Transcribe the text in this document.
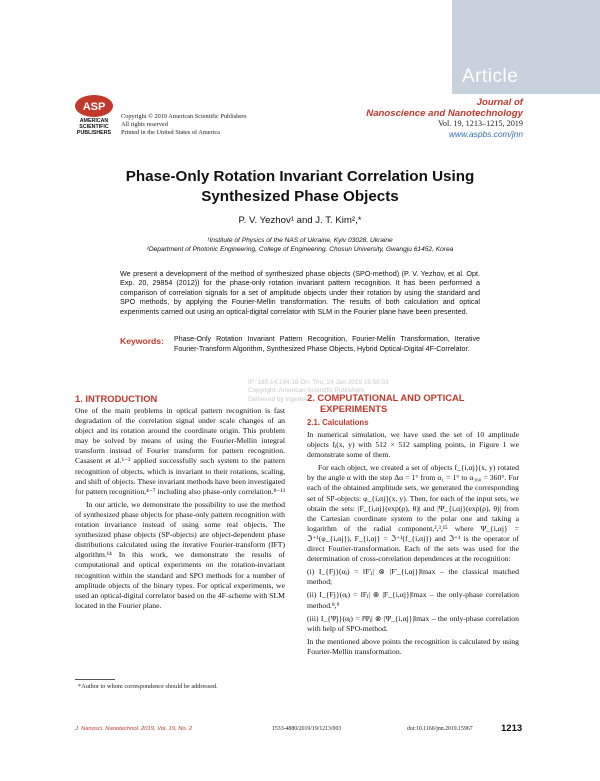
Article
ASP
AMERICAN
SCIENTIFIC
PUBLISHERS
Copyright © 2019 American Scientific Publishers
All rights reserved
Printed in the United States of America
Journal of
Nanoscience and Nanotechnology
Vol. 19, 1213–1215, 2019
www.aspbs.com/jnn
Phase-Only Rotation Invariant Correlation Using
Synthesized Phase Objects
P. V. Yezhov¹ and J. T. Kim²,*
¹Institute of Physics of the NAS of Ukraine, Kyiv 03028, Ukraine
²Department of Photonic Engineering, College of Engineering, Chosun University, Gwangju 61452, Korea
We present a development of the method of synthesized phase objects (SPO-method) (P. V. Yezhov, et al. Opt. Exp. 20, 29854 (2012)) for the phase-only rotation invariant pattern recognition. It has been performed a comparison of correlation signals for a set of amplitude objects under their rotation by using the standard and SPO methods, by applying the Fourier-Mellin transformation. The results of both calculation and optical experiments carried out using an optical-digital correlator with SLM in the Fourier plane have been presented.
Keywords: Phase-Only Rotation Invariant Pattern Recognition, Fourier-Mellin Transformation, Iterative Fourier-Transform Algorithm, Synthesized Phase Objects, Hybrid Optical-Digital 4F-Correlator.
IP: 185.14.194.18 On: Thu, 24 Jan 2019 16:58:03
Copyright: American Scientific Publishers
Delivered by Ingenta
1. INTRODUCTION

One of the main problems in optical pattern recognition is fast degradation of the correlation signal under scale changes of an object and its rotation around the coordinate origin. This problem may be solved by means of using the Fourier-Mellin integral transform instead of Fourier transform for pattern recognition. Casasent et al.¹⁻³ applied successfully such system to the pattern recognition of objects, which is invariant to their rotations, scaling, and shift of objects. These invariant methods have been investigated for pattern recognition,⁴⁻⁷ including also phase-only correlation.⁸⁻¹³

In our article, we demonstrate the possibility to use the method of synthesized phase objects for phase-only pattern recognition with rotation invariance instead of using some real objects. The synthesized phase objects (SP-objects) are object-dependent phase distributions calculated using the iterative Fourier-transform (IFT) algorithm.¹⁴ In this work, we demonstrate the results of computational and optical experiments on the rotation-invariant recognition within the standard and SPO methods for a number of amplitude objects of the binary types. For optical experiments, we used an optical-digital correlator based on the 4F-scheme with SLM located in the Fourier plane.

*Author to whom correspondence should be addressed.
2. COMPUTATIONAL AND OPTICAL
EXPERIMENTS
2.1. Calculations

In numerical simulation, we have used the set of 10 amplitude objects fⱼ(x, y) with 512 × 512 sampling points, in Figure 1 we demonstrate some of them.

For each object, we created a set of objects f_{i,αj}(x, y) rotated by the angle α with the step Δα = 1° from α₁ = 1° to α₃₆₀ = 360°. For each of the obtained amplitude sets, we generated the corresponding set of SP-objects: φ_{i,αj}(x, y). Then, for each of the input sets, we obtain the sets: |F_{i,αj}(exp(ρ), θ)| and |Ψ_{i,αj}(exp(ρ), θ)| from the Cartesian coordinate system to the polar one and taking a logarithm of the radial component,²,³,¹⁵ where Ψ_{i,αj} = ℑ⁺¹(φ_{i,αj}), F_{i,αj} = ℑ⁺¹(f_{i,αj}) and ℑ⁺¹ is the operator of direct Fourier-transformation. Each of the sets was used for the determination of cross-correlation dependences at the recognition:

(i) I_{Fj}(αⱼ) = ‖F′ⱼ| ⊗ |F′_{i,αj}|‖max – the classical matched method;

(ii) I_{Fj}(αⱼ) = ‖Fⱼ| ⊗ |F_{i,αj}|‖max – the only-phase correlation method.⁸,⁹

(iii) I_{Ψj}(αⱼ) = ‖Ψⱼ| ⊗ |Ψ_{i,αj}|‖max – the only-phase correlation with help of SPO-method.

In the mentioned above points the recognition is calculated by using Fourier-Mellin transformation.

J. Nanosci. Nanotechnol. 2019, Vol. 19, No. 2	1533-4880/2019/19/1213/003	doi:10.1166/jnn.2019.15967	1213
